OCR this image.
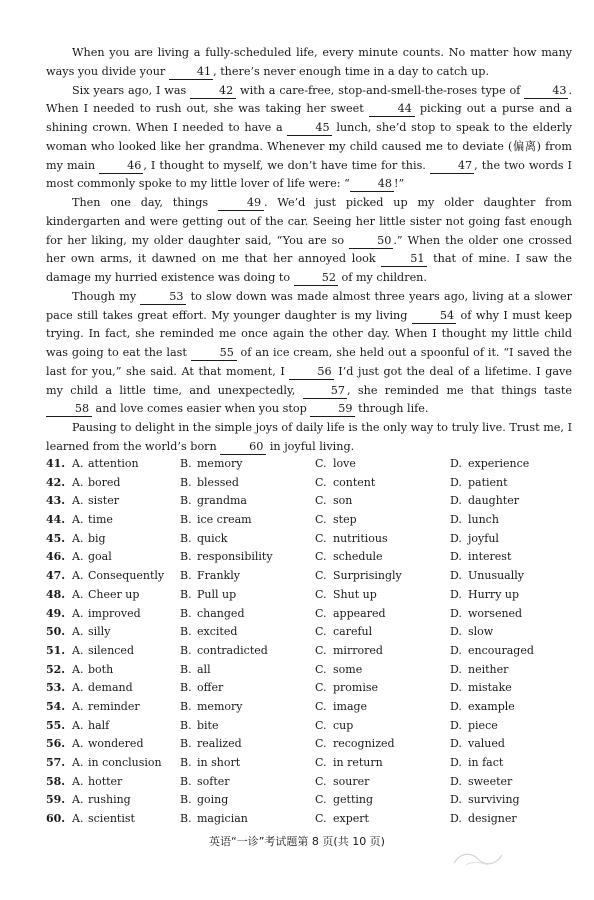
When you are living a fully-scheduled life, every minute counts. No matter how many ways you divide your	41 , there’s never enough time in a day to catch up.

Six years ago, I was	42 with a care-free, stop-and-smell-the-roses type of	43 . When I needed to rush out, she was taking her sweet	44 picking out a purse and a shining crown. When I needed to have a	45 lunch, she’d stop to speak to the elderly woman who looked like her grandma. Whenever my child caused me to deviate (偏离) from my main	46 , I thought to myself, we don’t have time for this.	47 , the two words I most commonly spoke to my little lover of life were: “	48 !”

Then one day, things	49 . We’d just picked up my older daughter from kindergarten and were getting out of the car. Seeing her little sister not going fast enough for her liking, my older daughter said, “You are so	50 .” When the older one crossed her own arms, it dawned on me that her annoyed look	51 that of mine. I saw the damage my hurried existence was doing to	52 of my children.

Though my	53 to slow down was made almost three years ago, living at a slower pace still takes great effort. My younger daughter is my living	54 of why I must keep trying. In fact, she reminded me once again the other day. When I thought my little child was going to eat the last	55 of an ice cream, she held out a spoonful of it. “I saved the last for you,” she said. At that moment, I	56 I’d just got the deal of a lifetime. I gave my child a little time, and unexpectedly,	57 , she reminded me that things taste 58 and love comes easier when you stop	59 through life.

Pausing to delight in the simple joys of daily life is the only way to truly live. Trust me, I learned from the world’s born	60 in joyful living.

41. A. attention	B. memory	C. love	D. experience
42. A. bored	B. blessed	C. content	D. patient
43. A. sister	B. grandma	C. son	D. daughter
44. A. time	B. ice cream	C. step	D. lunch
45. A. big	B. quick	C. nutritious	D. joyful
46. A. goal	B. responsibility	C. schedule	D. interest
47. A. Consequently B. Frankly	C. Surprisingly	D. Unusually
48. A. Cheer up	B. Pull up	C. Shut up	D. Hurry up
49. A. improved	B. changed	C. appeared	D. worsened
50. A. silly	B. excited	C. careful	D. slow
51. A. silenced	B. contradicted	C. mirrored	D. encouraged
52. A. both	B. all	C. some	D. neither
53. A. demand	B. offer	C. promise	D. mistake
54. A. reminder	B. memory	C. image	D. example
55. A. half	B. bite	C. cup	D. piece
56. A. wondered	B. realized	C. recognized	D. valued
57. A. in conclusion B. in short	C. in return	D. in fact
58. A. hotter	B. softer	C. sourer	D. sweeter
59. A. rushing	B. going	C. getting	D. surviving
60. A. scientist	B. magician	C. expert	D. designer
英语“一诊”考试题第 8 页(共 10 页)
